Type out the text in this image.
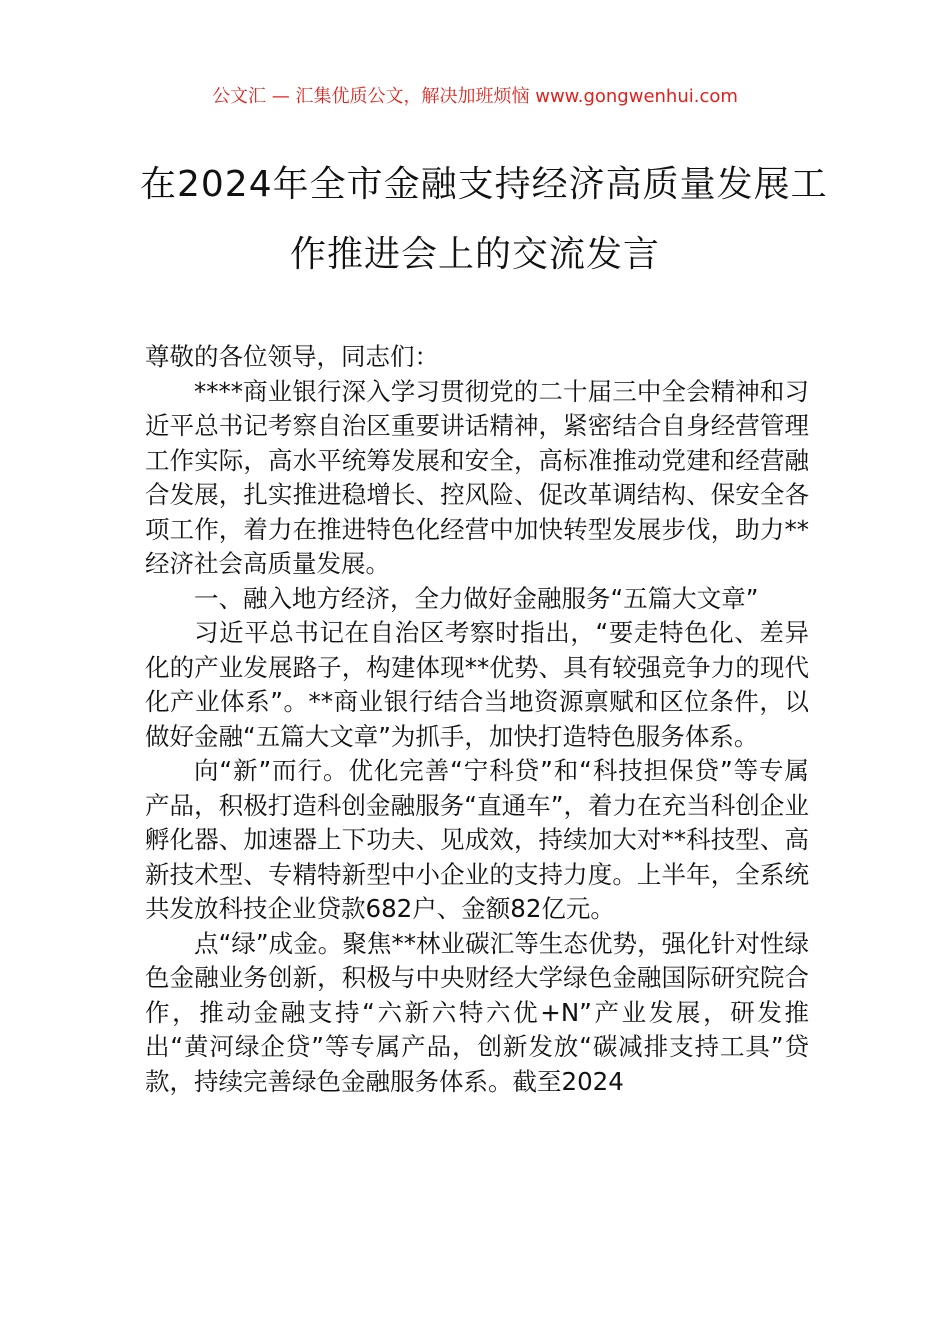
公文汇 — 汇集优质公文，解决加班烦恼 www.gongwenhui.com
在2024年全市金融支持经济高质量发展工
作推进会上的交流发言

尊敬的各位领导，同志们：

****商业银行深入学习贯彻党的二十届三中全会精神和习近平总书记考察自治区重要讲话精神，紧密结合自身经营管理工作实际，高水平统筹发展和安全，高标准推动党建和经营融合发展，扎实推进稳增长、控风险、促改革调结构、保安全各项工作，着力在推进特色化经营中加快转型发展步伐，助力**经济社会高质量发展。

一、融入地方经济，全力做好金融服务“五篇大文章”

习近平总书记在自治区考察时指出，“要走特色化、差异化的产业发展路子，构建体现**优势、具有较强竞争力的现代化产业体系”。**商业银行结合当地资源禀赋和区位条件，以做好金融“五篇大文章”为抓手，加快打造特色服务体系。

向“新”而行。优化完善“宁科贷”和“科技担保贷”等专属产品，积极打造科创金融服务“直通车”，着力在充当科创企业孵化器、加速器上下功夫、见成效，持续加大对**科技型、高新技术型、专精特新型中小企业的支持力度。上半年，全系统共发放科技企业贷款682户、金额82亿元。

点“绿”成金。聚焦**林业碳汇等生态优势，强化针对性绿色金融业务创新，积极与中央财经大学绿色金融国际研究院合作，推动金融支持“六新六特六优+N”产业发展，研发推出“黄河绿企贷”等专属产品，创新发放“碳减排支持工具”贷款，持续完善绿色金融服务体系。截至2024
